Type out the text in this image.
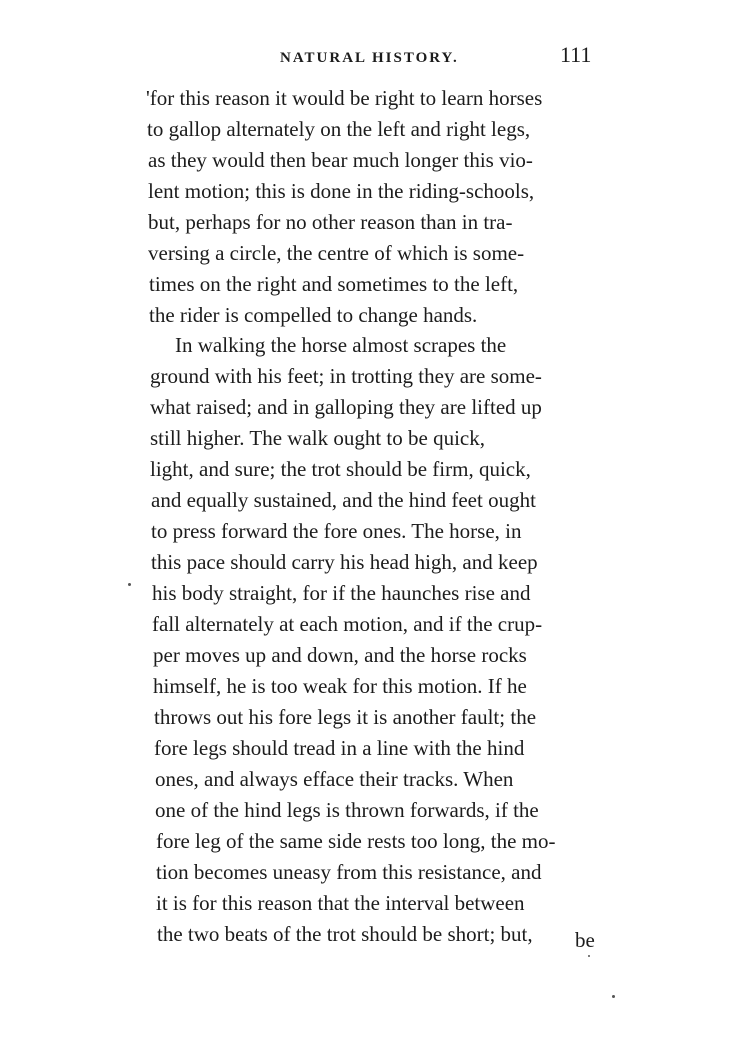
NATURAL HISTORY.	111
'for this reason it would be right to learn horses
to gallop alternately on the left and right legs,
as they would then bear much longer this vio-
lent motion; this is done in the riding-schools,
but, perhaps for no other reason than in tra-
versing a circle, the centre of which is some-
times on the right and sometimes to the left,
the rider is compelled to change hands.
In walking the horse almost scrapes the
ground with his feet; in trotting they are some-
what raised; and in galloping they are lifted up
still higher. The walk ought to be quick,
light, and sure; the trot should be firm, quick,
and equally sustained, and the hind feet ought
to press forward the fore ones. The horse, in
this pace should carry his head high, and keep
his body straight, for if the haunches rise and
fall alternately at each motion, and if the crup-
per moves up and down, and the horse rocks
himself, he is too weak for this motion. If he
throws out his fore legs it is another fault; the
fore legs should tread in a line with the hind
ones, and always efface their tracks. When
one of the hind legs is thrown forwards, if the
fore leg of the same side rests too long, the mo-
tion becomes uneasy from this resistance, and
it is for this reason that the interval between
the two beats of the trot should be short; but, be
